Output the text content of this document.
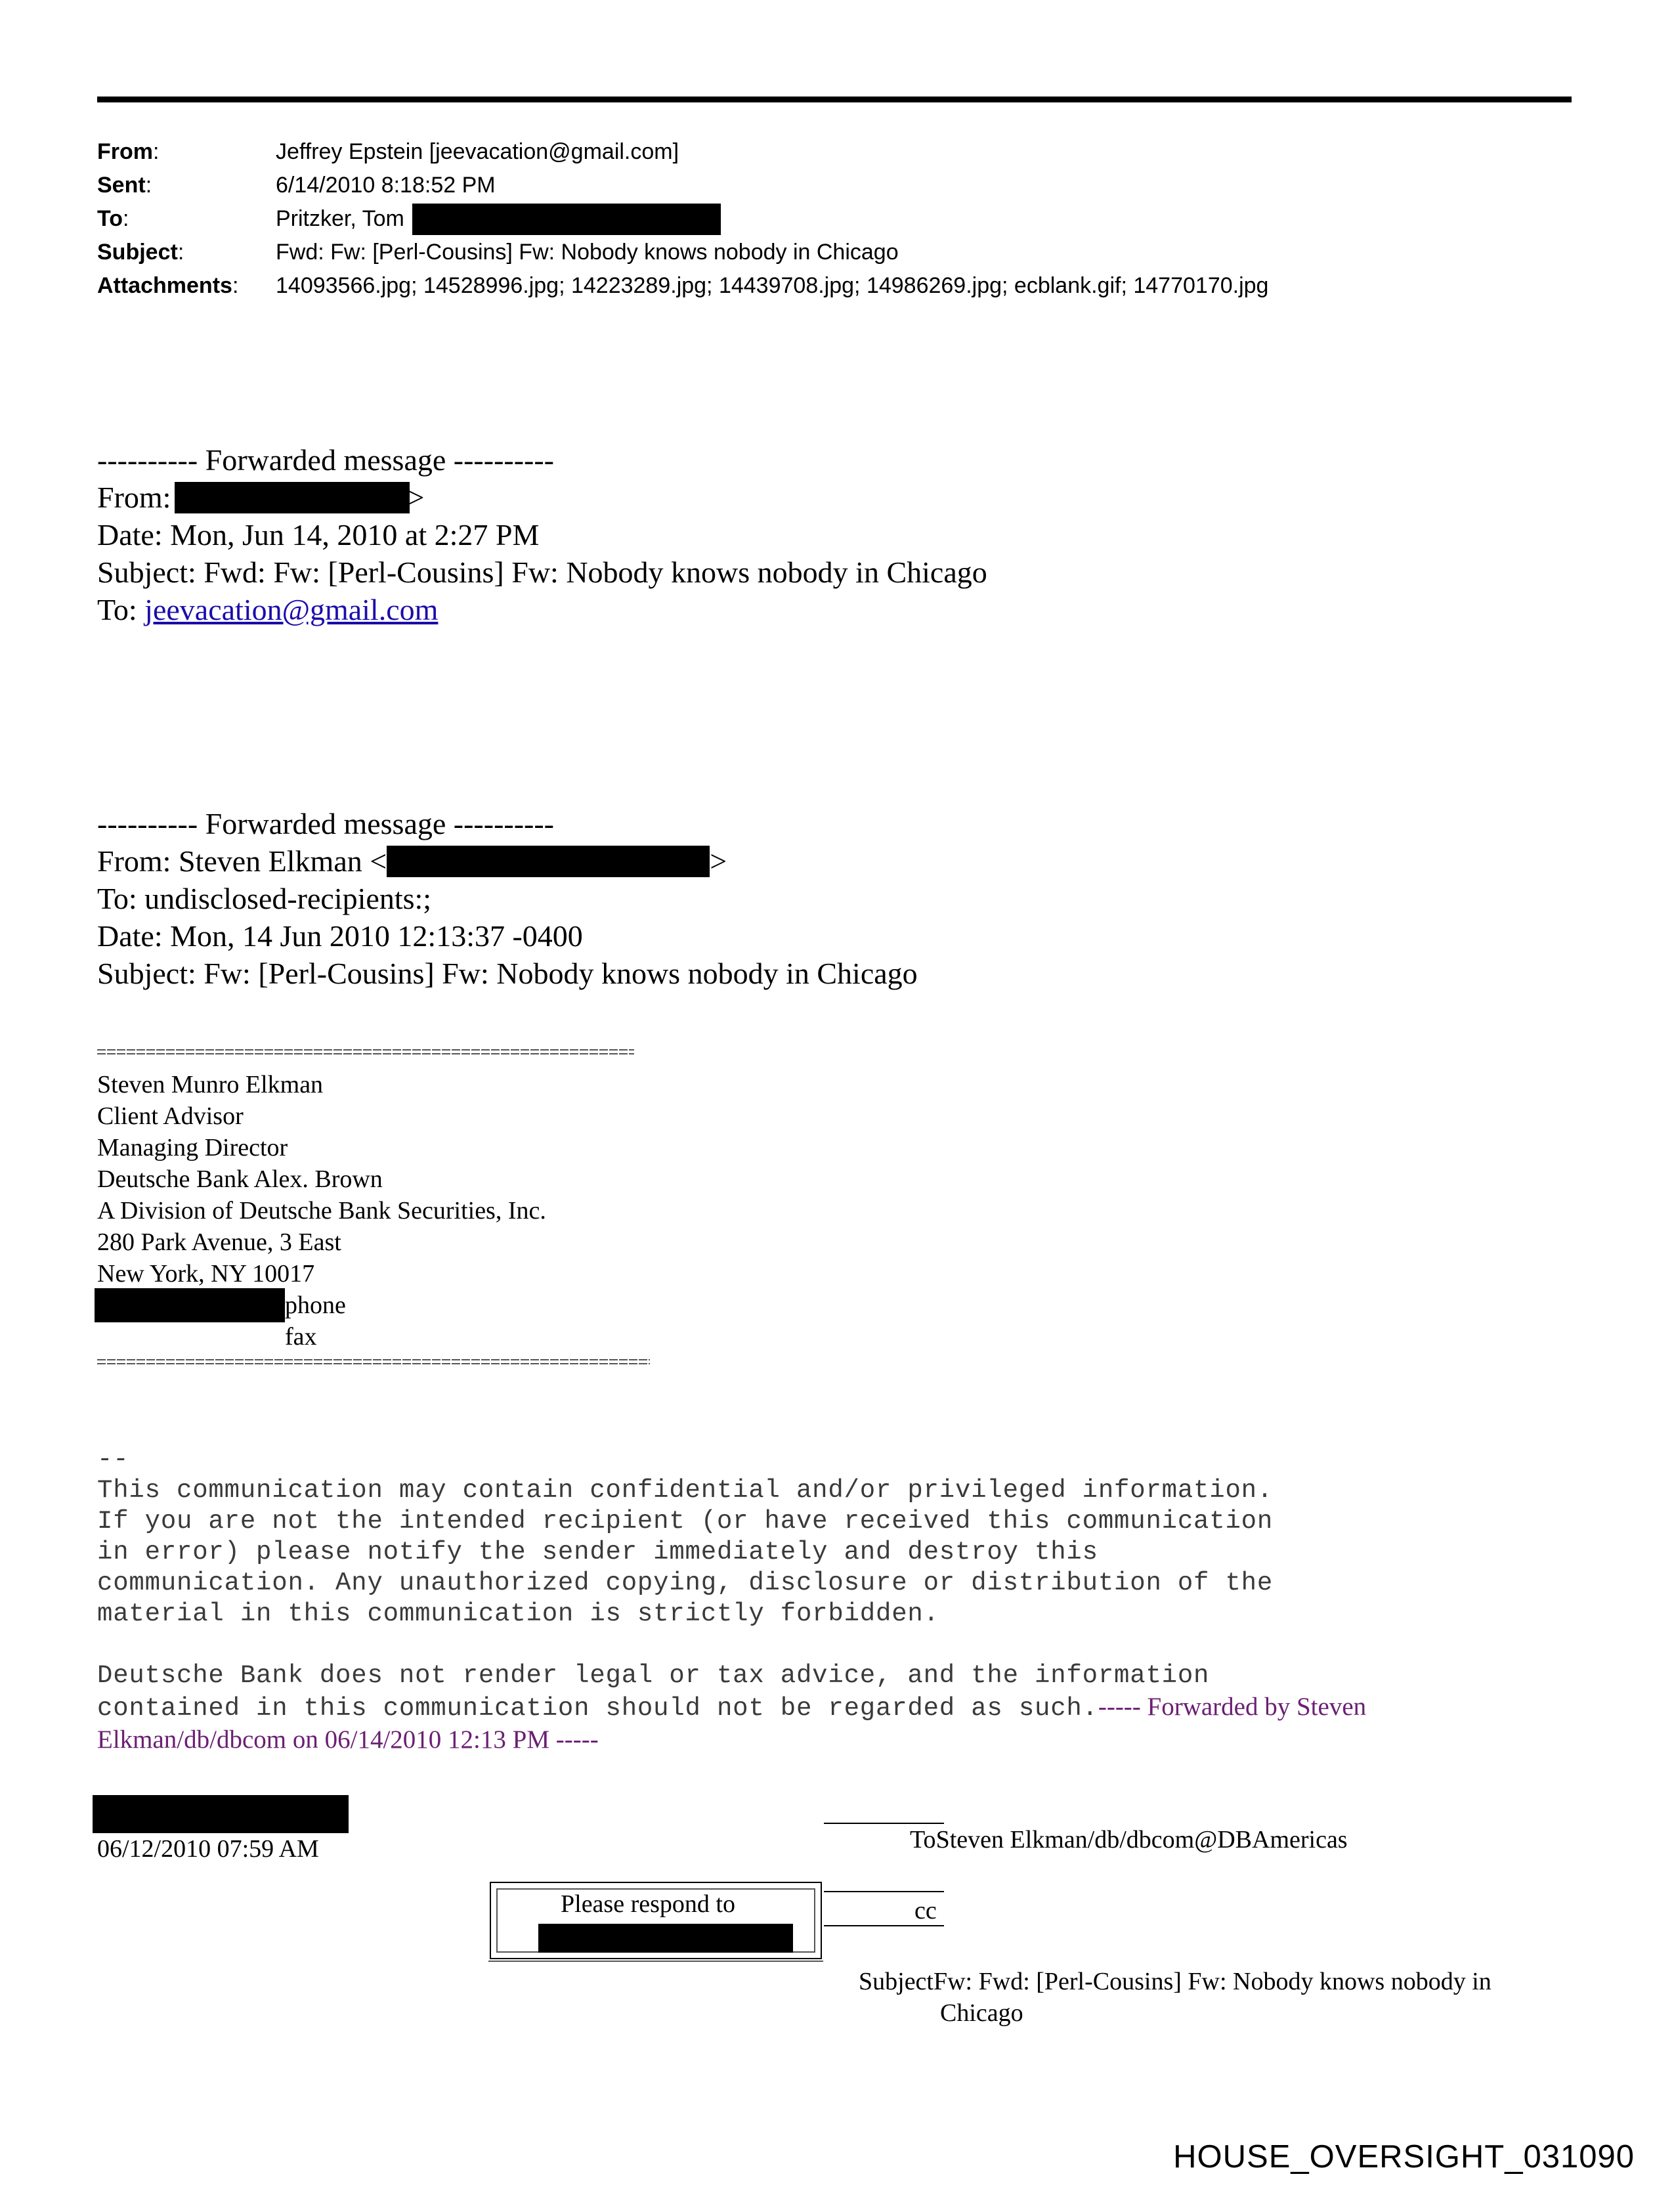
From:	Jeffrey Epstein [jeevacation@gmail.com]
Sent:	6/14/2010 8:18:52 PM
To:	Pritzker, Tom
Subject:	Fwd: Fw: [Perl-Cousins] Fw: Nobody knows nobody in Chicago
Attachments:	14093566.jpg; 14528996.jpg; 14223289.jpg; 14439708.jpg; 14986269.jpg; ecblank.gif; 14770170.jpg
---------- Forwarded message ----------
From:	>
Date: Mon, Jun 14, 2010 at 2:27 PM
Subject: Fwd: Fw: [Perl-Cousins] Fw: Nobody knows nobody in Chicago
To:
jeevacation@gmail.com
---------- Forwarded message ----------
From: Steven Elkman <	>
To: undisclosed-recipients:;
Date: Mon, 14 Jun 2010 12:13:37 -0400
Subject: Fw: [Perl-Cousins] Fw: Nobody knows nobody in Chicago
Steven Munro Elkman
Client Advisor
Managing Director
Deutsche Bank Alex. Brown
A Division of Deutsche Bank Securities, Inc.
280 Park Avenue, 3 East
New York, NY 10017
phone
fax
--
This communication may contain confidential and/or privileged information.
If you are not the intended recipient (or have received this communication
in error) please notify the sender immediately and destroy this
communication. Any unauthorized copying, disclosure or distribution of the
material in this communication is strictly forbidden.

Deutsche Bank does not render legal or tax advice, and the information
contained in this communication should not be regarded as such.----- Forwarded by Steven
Elkman/db/dbcom on 06/14/2010 12:13 PM -----
06/12/2010 07:59 AM	ToSteven Elkman/db/dbcom@DBAmericas
Please respond to	cc
SubjectFw: Fwd: [Perl-Cousins] Fw: Nobody knows nobody in
Chicago
HOUSE_OVERSIGHT_031090
